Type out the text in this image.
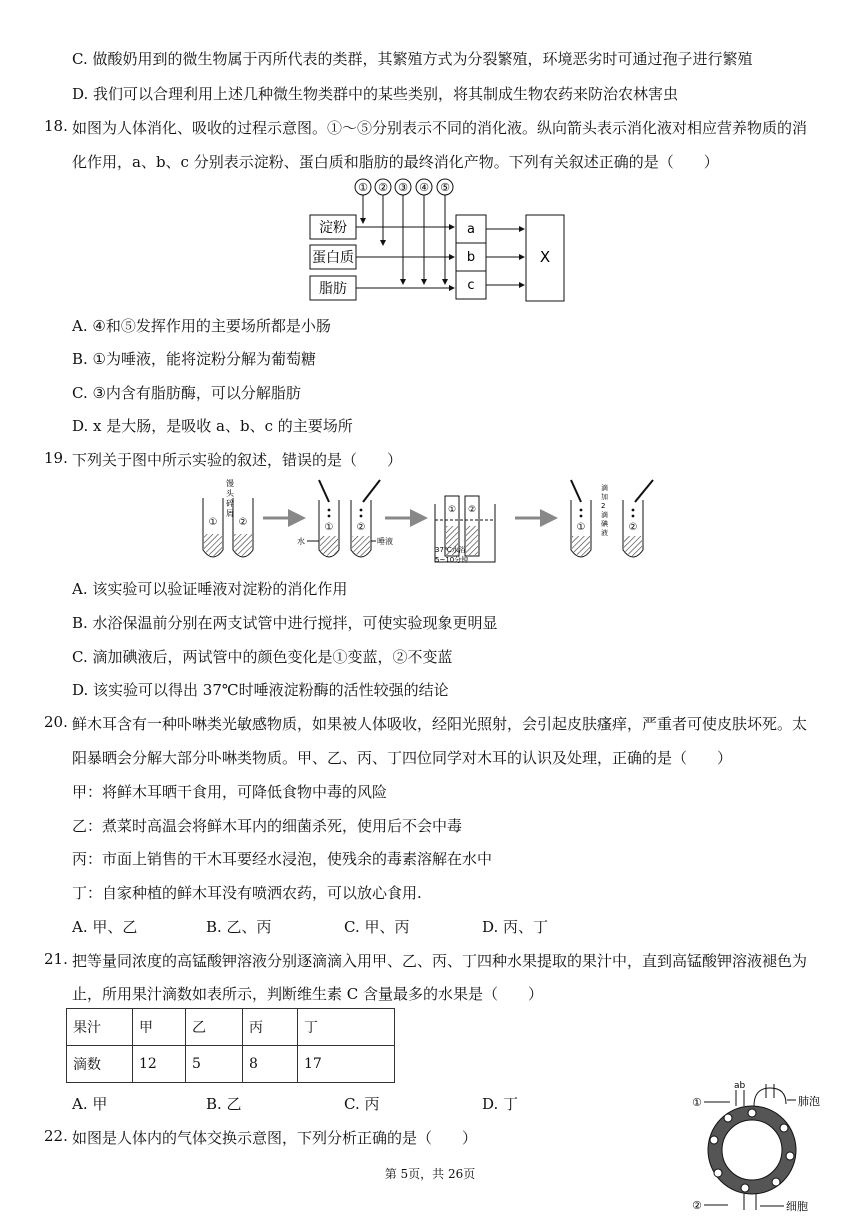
C. 做酸奶用到的微生物属于丙所代表的类群，其繁殖方式为分裂繁殖，环境恶劣时可通过孢子进行繁殖
D. 我们可以合理利用上述几种微生物类群中的某些类别，将其制成生物农药来防治农林害虫
18. 如图为人体消化、吸收的过程示意图。①～⑤分别表示不同的消化液。纵向箭头表示消化液对相应营养物质的消
化作用，a、b、c 分别表示淀粉、蛋白质和脂肪的最终消化产物。下列有关叙述正确的是（　　）
① ② ③ ④ ⑤
淀粉
蛋白质
脂肪
a
b
c
X
A. ④和⑤发挥作用的主要场所都是小肠
B. ①为唾液，能将淀粉分解为葡萄糖
C. ③内含有脂肪酶，可以分解脂肪
D. x 是大肠，是吸收 a、b、c 的主要场所
19. 下列关于图中所示实验的叙述，错误的是（　　）
① ②
馒头碎屑
① ②
水	唾液
① ②
37℃水浴
5~10分钟
①	②
滴加 2 滴碘液
A. 该实验可以验证唾液对淀粉的消化作用
B. 水浴保温前分别在两支试管中进行搅拌，可使实验现象更明显
C. 滴加碘液后，两试管中的颜色变化是①变蓝，②不变蓝
D. 该实验可以得出 37℃时唾液淀粉酶的活性较强的结论
20. 鲜木耳含有一种卟啉类光敏感物质，如果被人体吸收，经阳光照射，会引起皮肤瘙痒，严重者可使皮肤坏死。太
阳暴晒会分解大部分卟啉类物质。甲、乙、丙、丁四位同学对木耳的认识及处理，正确的是（　　）
甲：将鲜木耳晒干食用，可降低食物中毒的风险
乙：煮菜时高温会将鲜木耳内的细菌杀死，使用后不会中毒
丙：市面上销售的干木耳要经水浸泡，使残余的毒素溶解在水中
丁：自家种植的鲜木耳没有喷洒农药，可以放心食用.
A. 甲、乙	B. 乙、丙	C. 甲、丙	D. 丙、丁
21. 把等量同浓度的高锰酸钾溶液分别逐滴滴入用甲、乙、丙、丁四种水果提取的果汁中，直到高锰酸钾溶液褪色为
止，所用果汁滴数如表所示，判断维生素 C 含量最多的水果是（　　）
果汁	甲	乙	丙	丁
滴数	12	5	8	17
A. 甲	B. 乙	C. 丙	D. 丁
22. 如图是人体内的气体交换示意图，下列分析正确的是（　　）
肺泡
ab
①
②	细胞
第 5页，共 26页
